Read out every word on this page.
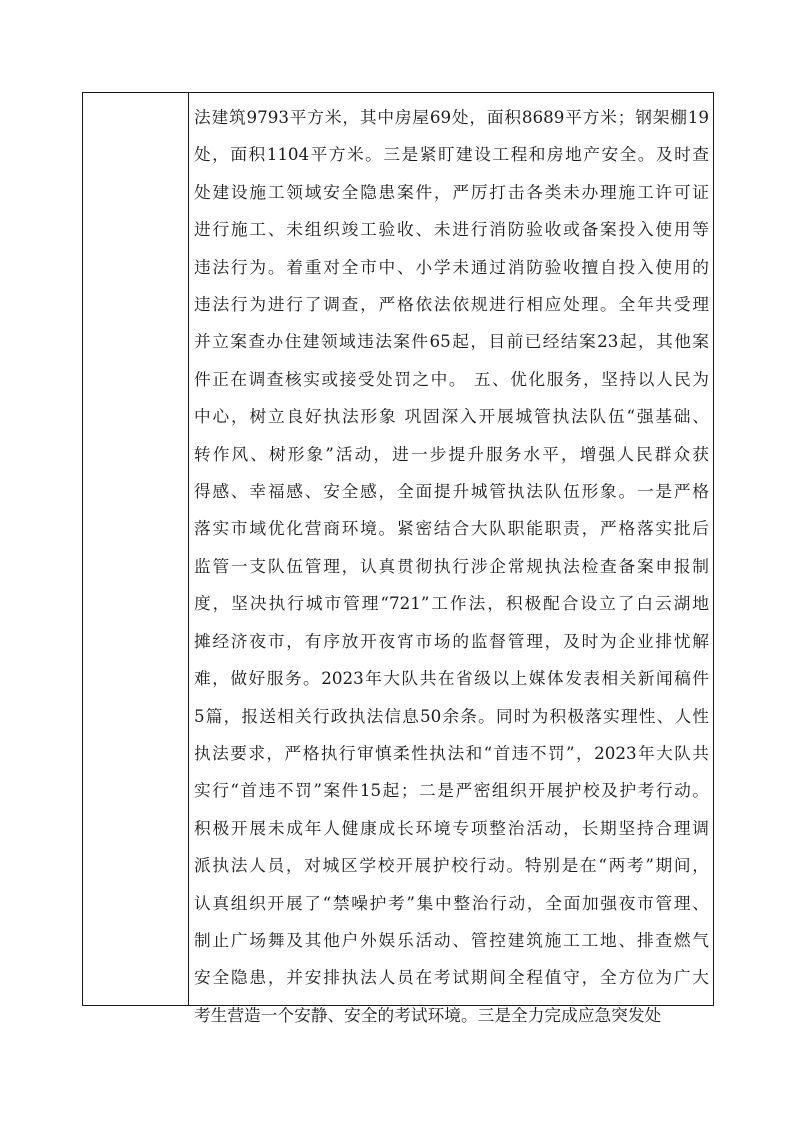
法建筑9793平方米，其中房屋69处，面积8689平方米；钢架棚19
处，面积1104平方米。三是紧盯建设工程和房地产安全。及时查
处建设施工领域安全隐患案件，严厉打击各类未办理施工许可证
进行施工、未组织竣工验收、未进行消防验收或备案投入使用等
违法行为。着重对全市中、小学未通过消防验收擅自投入使用的
违法行为进行了调查，严格依法依规进行相应处理。全年共受理
并立案查办住建领域违法案件65起，目前已经结案23起，其他案
件正在调查核实或接受处罚之中。 五、优化服务，坚持以人民为
中心，树立良好执法形象 巩固深入开展城管执法队伍“强基础、
转作风、树形象”活动，进一步提升服务水平，增强人民群众获
得感、幸福感、安全感，全面提升城管执法队伍形象。一是严格
落实市域优化营商环境。紧密结合大队职能职责，严格落实批后
监管一支队伍管理，认真贯彻执行涉企常规执法检查备案申报制
度，坚决执行城市管理“721”工作法，积极配合设立了白云湖地
摊经济夜市，有序放开夜宵市场的监督管理，及时为企业排忧解
难，做好服务。2023年大队共在省级以上媒体发表相关新闻稿件
5篇，报送相关行政执法信息50余条。同时为积极落实理性、人性
执法要求，严格执行审慎柔性执法和“首违不罚”，2023年大队共
实行“首违不罚”案件15起；二是严密组织开展护校及护考行动。
积极开展未成年人健康成长环境专项整治活动，长期坚持合理调
派执法人员，对城区学校开展护校行动。特别是在“两考”期间，
认真组织开展了“禁噪护考”集中整治行动，全面加强夜市管理、
制止广场舞及其他户外娱乐活动、管控建筑施工工地、排查燃气
安全隐患，并安排执法人员在考试期间全程值守，全方位为广大
考生营造一个安静、安全的考试环境。三是全力完成应急突发处
